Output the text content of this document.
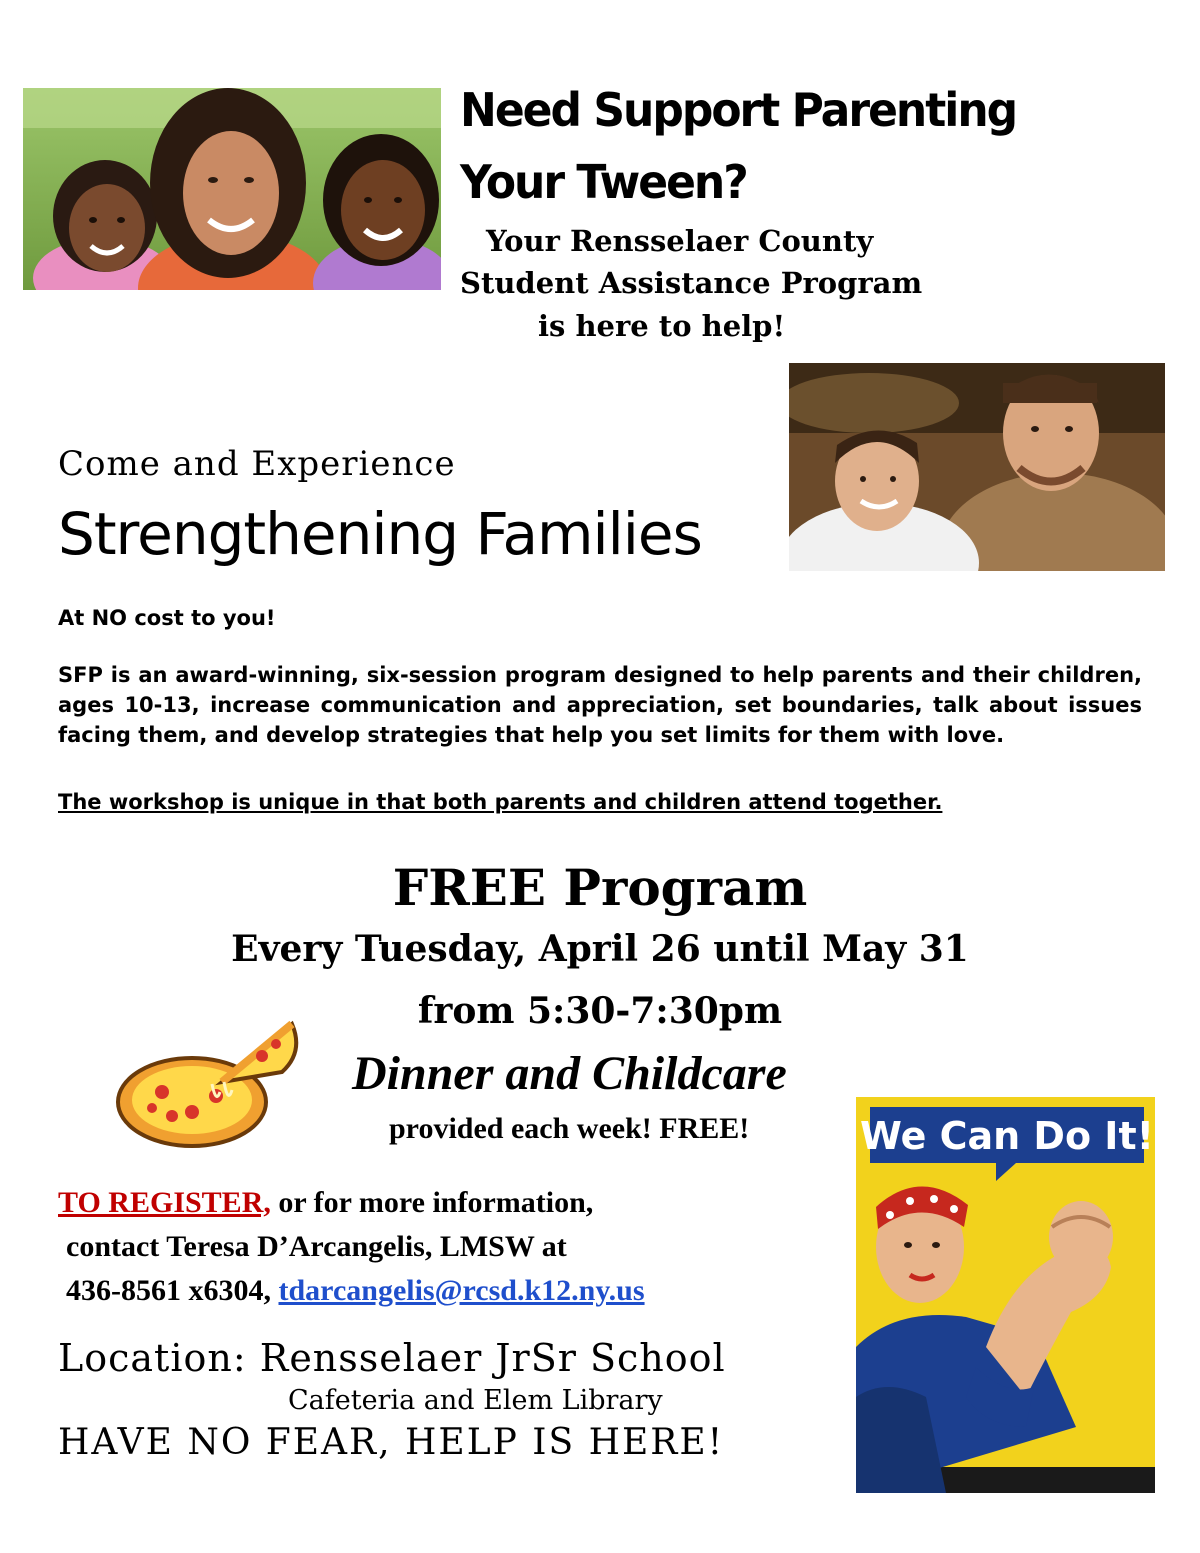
Need Support Parenting
Your Tween?
Your Rensselaer County
Student Assistance Program
is here to help!
Come and Experience
Strengthening Families
At NO cost to you!
SFP is an award-winning, six-session program designed to help parents and their children, ages 10-13, increase communication and appreciation, set boundaries, talk about issues facing them, and develop strategies that help you set limits for them with love.
The workshop is unique in that both parents and children attend together.
FREE Program
Every Tuesday, April 26 until May 31
from 5:30-7:30pm
Dinner and Childcare
provided each week! FREE!
TO REGISTER, or for more information,
contact Teresa D’Arcangelis, LMSW at
436-8561 x6304, tdarcangelis@rcsd.k12.ny.us
Location: Rensselaer JrSr School
Cafeteria and Elem Library
HAVE NO FEAR, HELP IS HERE!
We Can Do It!
